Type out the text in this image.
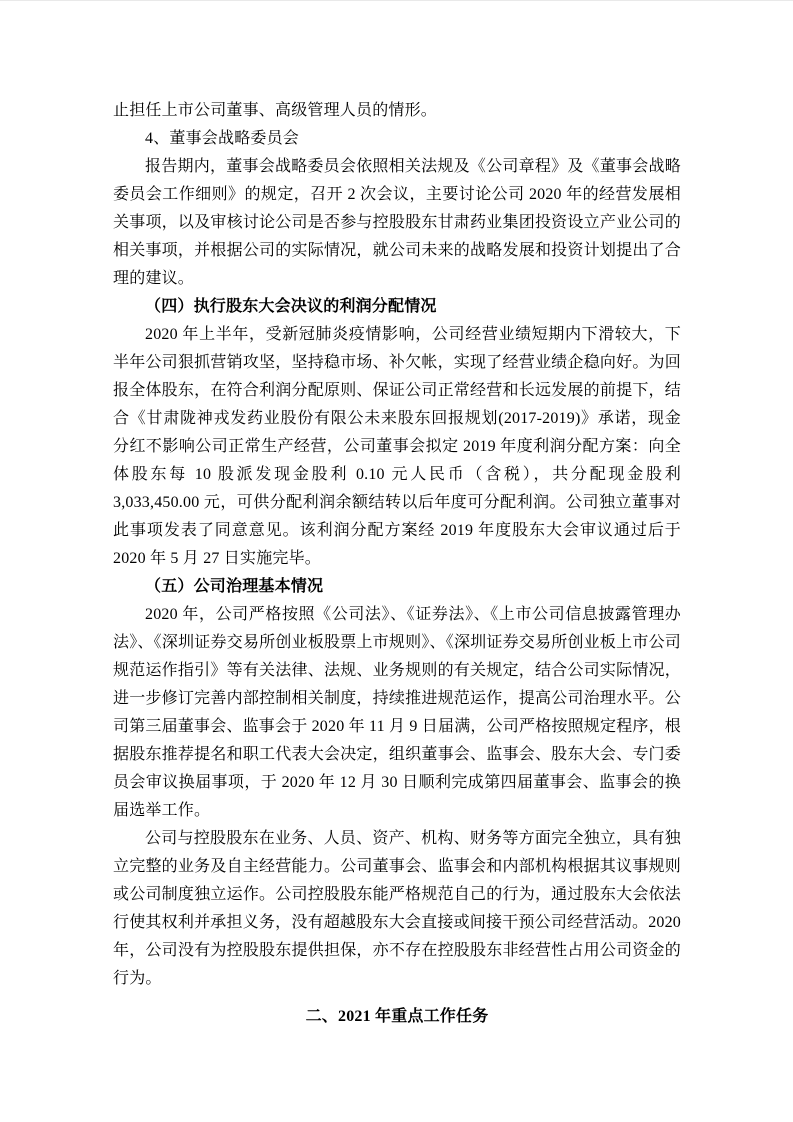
止担任上市公司董事、高级管理人员的情形。

4、董事会战略委员会

报告期内，董事会战略委员会依照相关法规及《公司章程》及《董事会战略委员会工作细则》的规定，召开 2 次会议，主要讨论公司 2020 年的经营发展相关事项，以及审核讨论公司是否参与控股股东甘肃药业集团投资设立产业公司的相关事项，并根据公司的实际情况，就公司未来的战略发展和投资计划提出了合理的建议。

（四）执行股东大会决议的利润分配情况

2020 年上半年，受新冠肺炎疫情影响，公司经营业绩短期内下滑较大，下半年公司狠抓营销攻坚，坚持稳市场、补欠帐，实现了经营业绩企稳向好。为回报全体股东，在符合利润分配原则、保证公司正常经营和长远发展的前提下，结合《甘肃陇神戎发药业股份有限公未来股东回报规划(2017-2019)》承诺，现金分红不影响公司正常生产经营，公司董事会拟定 2019 年度利润分配方案：向全体股东每 10 股派发现金股利 0.10 元人民币（含税），共分配现金股利 3,033,450.00 元，可供分配利润余额结转以后年度可分配利润。公司独立董事对此事项发表了同意意见。该利润分配方案经 2019 年度股东大会审议通过后于 2020 年 5 月 27 日实施完毕。

（五）公司治理基本情况

2020 年，公司严格按照《公司法》、《证券法》、《上市公司信息披露管理办法》、《深圳证券交易所创业板股票上市规则》、《深圳证券交易所创业板上市公司规范运作指引》等有关法律、法规、业务规则的有关规定，结合公司实际情况，进一步修订完善内部控制相关制度，持续推进规范运作，提高公司治理水平。公司第三届董事会、监事会于 2020 年 11 月 9 日届满，公司严格按照规定程序，根据股东推荐提名和职工代表大会决定，组织董事会、监事会、股东大会、专门委员会审议换届事项，于 2020 年 12 月 30 日顺利完成第四届董事会、监事会的换届选举工作。

公司与控股股东在业务、人员、资产、机构、财务等方面完全独立，具有独立完整的业务及自主经营能力。公司董事会、监事会和内部机构根据其议事规则或公司制度独立运作。公司控股股东能严格规范自己的行为，通过股东大会依法行使其权利并承担义务，没有超越股东大会直接或间接干预公司经营活动。2020 年，公司没有为控股股东提供担保，亦不存在控股股东非经营性占用公司资金的行为。

二、2021 年重点工作任务
